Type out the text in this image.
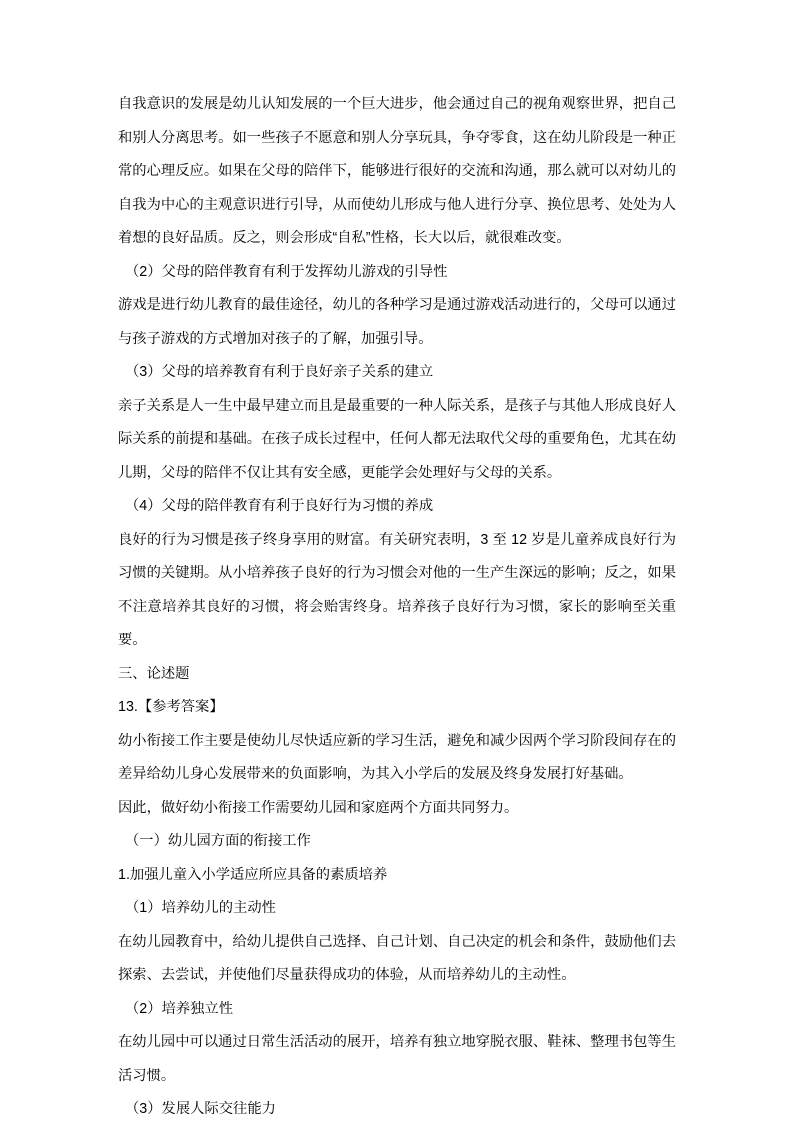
自我意识的发展是幼儿认知发展的一个巨大进步，他会通过自己的视角观察世界，把自己和别人分离思考。如一些孩子不愿意和别人分享玩具，争夺零食，这在幼儿阶段是一种正常的心理反应。如果在父母的陪伴下，能够进行很好的交流和沟通，那么就可以对幼儿的自我为中心的主观意识进行引导，从而使幼儿形成与他人进行分享、换位思考、处处为人着想的良好品质。反之，则会形成“自私”性格，长大以后，就很难改变。

（2）父母的陪伴教育有利于发挥幼儿游戏的引导性

游戏是进行幼儿教育的最佳途径，幼儿的各种学习是通过游戏活动进行的，父母可以通过与孩子游戏的方式增加对孩子的了解，加强引导。

（3）父母的培养教育有利于良好亲子关系的建立

亲子关系是人一生中最早建立而且是最重要的一种人际关系，是孩子与其他人形成良好人际关系的前提和基础。在孩子成长过程中，任何人都无法取代父母的重要角色，尤其在幼儿期，父母的陪伴不仅让其有安全感，更能学会处理好与父母的关系。

（4）父母的陪伴教育有利于良好行为习惯的养成

良好的行为习惯是孩子终身享用的财富。有关研究表明，3 至 12 岁是儿童养成良好行为习惯的关键期。从小培养孩子良好的行为习惯会对他的一生产生深远的影响；反之，如果不注意培养其良好的习惯，将会贻害终身。培养孩子良好行为习惯，家长的影响至关重要。

三、论述题

13.【参考答案】

幼小衔接工作主要是使幼儿尽快适应新的学习生活，避免和减少因两个学习阶段间存在的差异给幼儿身心发展带来的负面影响，为其入小学后的发展及终身发展打好基础。

因此，做好幼小衔接工作需要幼儿园和家庭两个方面共同努力。

（一）幼儿园方面的衔接工作

1.加强儿童入小学适应所应具备的素质培养

（1）培养幼儿的主动性

在幼儿园教育中，给幼儿提供自己选择、自己计划、自己决定的机会和条件，鼓励他们去探索、去尝试，并使他们尽量获得成功的体验，从而培养幼儿的主动性。

（2）培养独立性

在幼儿园中可以通过日常生活活动的展开，培养有独立地穿脱衣服、鞋袜、整理书包等生活习惯。

（3）发展人际交往能力
